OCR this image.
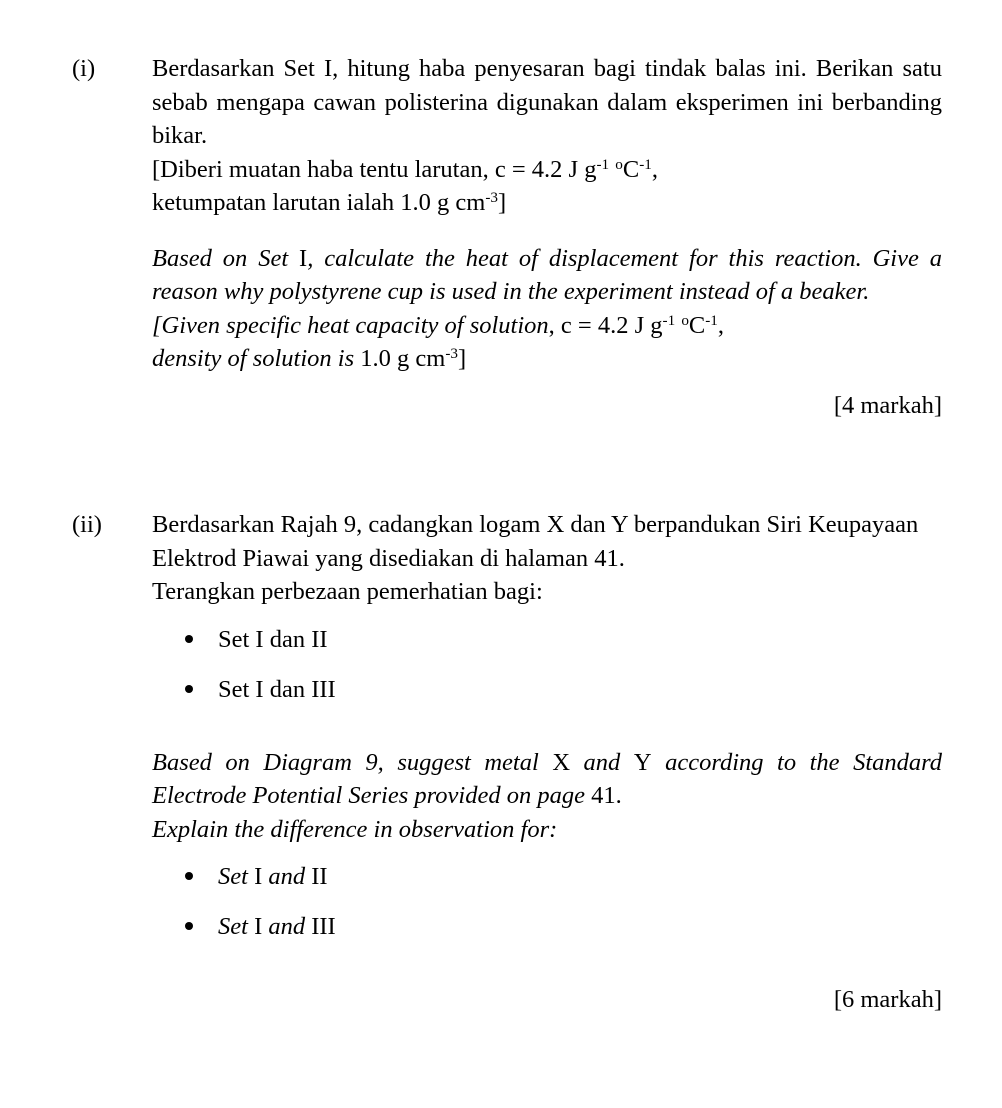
(i)	Berdasarkan Set I, hitung haba penyesaran bagi tindak balas ini. Berikan satu sebab mengapa cawan polisterina digunakan dalam eksperimen ini berbanding bikar.

[Diberi muatan haba tentu larutan, c = 4.2 J $g^{-1}$ $^oC^{-1}$,

ketumpatan larutan ialah 1.0 g $cm^{-3}$]

Based on Set I, calculate the heat of displacement for this reaction. Give a reason why polystyrene cup is used in the experiment instead of a beaker.

[Given specific heat capacity of solution, c = 4.2 J $g^{-1}$ $^oC^{-1}$,

density of solution is 1.0 g $cm^{-3}$]

[4 markah]
(ii)	Berdasarkan Rajah 9, cadangkan logam X dan Y berpandukan Siri Keupayaan Elektrod Piawai yang disediakan di halaman 41.

Terangkan perbezaan pemerhatian bagi:

Set I dan II
Set I dan III

Based on Diagram 9, suggest metal X and Y according to the Standard Electrode Potential Series provided on page 41.

Explain the difference in observation for:

Set I and II
Set I and III
[6 markah]
